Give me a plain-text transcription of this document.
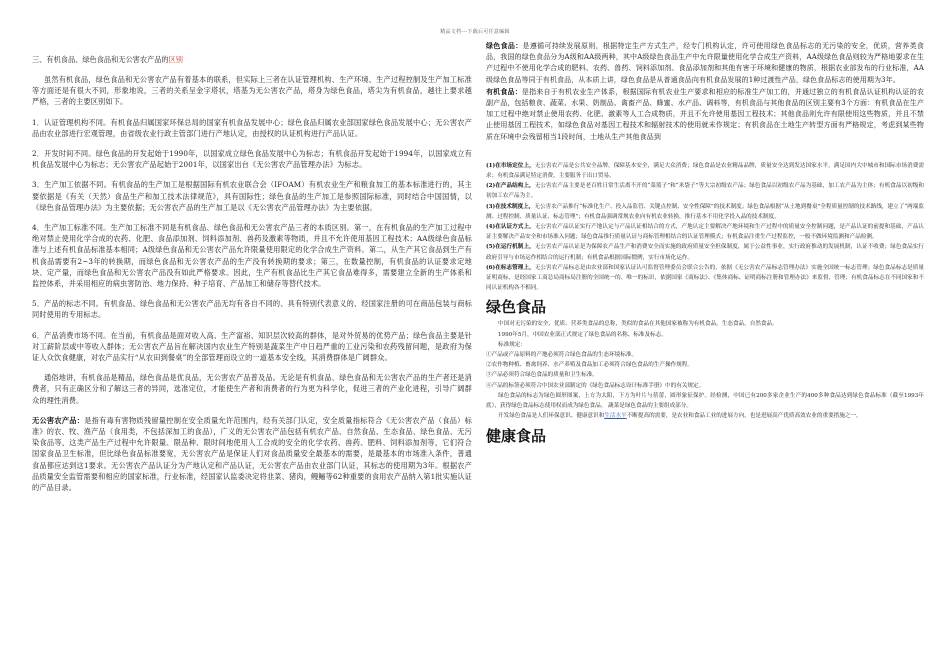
精品文档---下载后可任意编辑

三、有机食品、绿色食品和无公害农产品的区别

虽然有机食品，绿色食品和无公害农产品有着基本的联系，但实际上三者在认证管理机构、生产环境、生产过程控制及生产加工标准等方面还是有很大不同，形象地说，三者的关系呈金字塔状，塔基为无公害农产品，塔身为绿色食品，塔尖为有机食品，越往上要求越严格，三者的主要区别如下。

1．认证管理机构不同。有机食品归属国家环保总局的国家有机食品发展中心；绿色食品归属农业部国家绿色食品发展中心；无公害农产品由农业部进行宏观管理，由省级农业行政主管部门进行产地认定，由授权的认证机构进行产品认证。

2．开发时间不同。绿色食品的开发起始于1990年，以国家成立绿色食品发展中心为标志；有机食品开发起始于1994年，以国家成立有机食品发展中心为标志；无公害农产品起始于2001年，以国家出台《无公害农产品管理办法》为标志。

3．生产加工依据不同。有机食品的生产加工是根据国际有机农业联合会（IFOAM）有机农业生产和粮食加工的基本标准进行的，其主要依据是《有关（天然）食品生产和加工技术法律规范》，具有国际性；绿色食品的生产加工是参照国际标准，同时结合中国国情，以《绿色食品管理办法》为主要依据；无公害农产品的生产加工是以《无公害农产品管理办法》为主要依据。

4．生产加工标准不同。生产加工标准不同是有机食品、绿色食品和无公害农产品三者的本质区别。第一，在有机食品的生产加工过程中绝对禁止使用化学合成的农药、化肥、食品添加剂、饲料添加剂、兽药及激素等物质，并且不允许使用基因工程技术；AA级绿色食品标准与上述有机食品标准基本相同；A级绿色食品和无公害农产品允许限量使用限定的化学合成生产资料。第二，从生产其它食品到生产有机食品需要有2~3年的转换期，而绿色食品和无公害农产品的生产没有转换期的要求；第三，在数量控制，有机食品的认证要求定地块、定产量，而绿色食品和无公害农产品没有如此严格要求。因此，生产有机食品比生产其它食品难得多，需要建立全新的生产体系和监控体系，并采用相应的病虫害防治、地力保持、种子培育、产品加工和储存等替代技术。

5．产品的标志不同。有机食品、绿色食品和无公害农产品无均有各自不同的、具有特别代表意义的、经国家注册的可在商品包装与商标同时使用的专用标志。

6．产品消费市场不同。在当前，有机食品是面对收入高、生产富裕、知识层次较高的群体，是对外贸易的优势产品；绿色食品主要是针对工薪阶层或中等收入群体；无公害农产品旨在解决国内农业生产特别是蔬菜生产中日趋严重的工业污染和农药残留问题，是政府为保证人众饮食健康，对农产品实行“从农田到餐桌”的全部管理而设立的一道基本安全线，其消费群体是广阔群众。

通俗地讲，有机食品是精品，绿色食品是优良品，无公害农产品普及品。无论是有机食品、绿色食品和无公害农产品的生产者还是消费者，只有正确区分和了解这三者的异同，选准定位，才能使生产者和消费者的行为更为科学化，促进三者的产业化进程，引导广阔群众的理性消费。

无公害农产品：是指有毒有害物质残留量控制在安全质量允许范围内，经有关部门认定，安全质量指标符合《无公害农产品（食品）标准》的农、牧、渔产品（食用类，不包括深加工的食品），广义的无公害农产品包括有机农产品、自然食品、生态食品、绿色食品、无污染食品等，这类产品生产过程中允许限量、限品种、限时间地使用人工合成的安全的化学农药、兽药、肥料、饲料添加剂等，它们符合国家食品卫生标准，但比绿色食品标准要宽，无公害农产品是保证人们对食品质量安全最基本的需要，是最基本的市场准入条件，普通食品都应达到这1要求。无公害农产品认证分为产地认定和产品认证，无公害农产品由农业部门认证，其标志的使用期为3年。根据农产品质量安全监管需要和相应的国家标准，行业标准，经国家认监委决定将韭菜、猪肉，鳗鲡等62种重要的食用农产品纳入第1批实施认证的产品目录。

绿色食品：是遵循可持续发展原则，根据特定生产方式生产，经专门机构认定，许可使用绿色食品标志的无污染的安全，优质，营养类食品，我国的绿色食品分为A级和AA级两种，其中A级绿色食品生产中允许限量使用化学合成生产资料，AA级绿色食品则较为严格地要求在生产过程中不使用化学合成的肥料、农药、兽药、饲料添加剂、食品添加剂和其他有害于环境和健康的物质，根据农业部发布的行业标准，AA级绿色食品等同于有机食品，从本质上讲，绿色食品是从普通食品向有机食品发展的1种过渡性产品，绿色食品标志的使用期为3年。

有机食品：是指来自于有机农业生产体系，根据国际有机农业生产要求和相应的标准生产加工的，并通过独立的有机食品认证机构认证的农副产品，包括粮食、蔬菜、水果、奶制品、禽畜产品、蜂蜜、水产品、调料等，有机食品与其他食品的区别主要有3个方面：有机食品在生产加工过程中绝对禁止使用农药、化肥、激素等人工合成物质，并且不允许使用基因工程技术；其他食品则允许有限使用这些物质，并且不禁止使用基因工程技术，如绿色食品对基因工程技术和辐射技术的使用就未作规定；有机食品在土地生产转型方面有严格规定，考虑到某些物质在环境中会残留相当1段时间，土地从生产其他食品到

(1)在市场定位上，无公害农产品是公共安全品牌，保障基本安全，满足大众消费；绿色食品是农业精品品牌，质量安全达到发达国家水平，满足国内大中城市和国际市场消费需求；有机食品满足特定消费，主要服务于出口贸易。

(2)在产品结构上，无公害农产品主要是老百姓日常生活离不开的“菜篮子”和“米袋子”等大宗初级农产品；绿色食品以初级农产品为基础，加工农产品为主体；有机食品以初级和初加工农产品为主。

(3)在技术制度上，无公害农产品推行“标准化生产、投入品监管、关键点控制、安全性保障”的技术制度；绿色食品根据“从土地到餐桌”全程质量控制的技术路线，建立了“两端监测、过程控制、质量认证、标志管理”；有机食品强调常规农业向有机农业转换，推行基本不用化学投入品的技术制度。

(4)在认证方式上，无公害农产品认证实行产地认定与产品认证相结合的方式，产地认定主要解决产地环境和生产过程中的质量安全控制问题，是产品认证的前提和基础，产品认证主要解决产品安全和市场准入问题；绿色食品推行质量认证与商标管理相结合的认证管理模式；有机食品注重生产过程监控，一般不做环境监测和产品检测。

(5)在运行机制上，无公害农产品认证是为保障农产品生产和消费安全而实施的政府质量安全担保制度，属于公益性事业，实行政府推动的发展机制，认证不收费；绿色食品实行政府引导与市场运作相结合的运行机制；有机食品根据国际惯例，实行市场化运作。

(6)在标志管理上，无公害农产品标志是由农业部和国家认证认可监督管理委员会联合公告的，依据《无公害农产品标志管理办法》实施全国统一标志管理；绿色食品标志是质量证明商标，是经国家工商总局商标局注册的全国统一的、唯一的标识，依据国家《商标法》、《集体商标、证明商标注册和管理办法》来监督、管理；有机食品标志在不同国家和不同认证机构各不相同。

绿色食品

中国对无污染的安全、优质、营养类食品的总称，类似的食品在其他国家被称为有机食品，生态食品，自然食品。

1990年5月，中国农业部正式规定了绿色食品的名称、标准及标志。

标准规定：

①产品或产品原料的产地必须符合绿色食品的生态环境标准。

②农作物种植、畜禽饲养、水产养殖及食品加工必须符合绿色食品的生产操作规程。

③产品必须符合绿色食品的质量和卫生标准。

④产品的标签必须符合中国农业部制定的《绿色食品标志设计标准手册》中的有关规定。

绿色食品的标志为绿色圆形图案，上方为太阳，下方为叶片与蓓蕾，圆形象征保护。经检测，中国已有200多家企业生产的400多种食品达到绿色食品标准（截至1993年底），获得绿色食品标志使用权而成为绿色食品。 蔬菜是绿色食品的主要组成部分。

开发绿色食品是人们环保意识、健康意识和生活水平不断提高的需要，是农业和食品工业的进展方向，也是进展高产优质高效农业的重要措施之一。

健康食品
